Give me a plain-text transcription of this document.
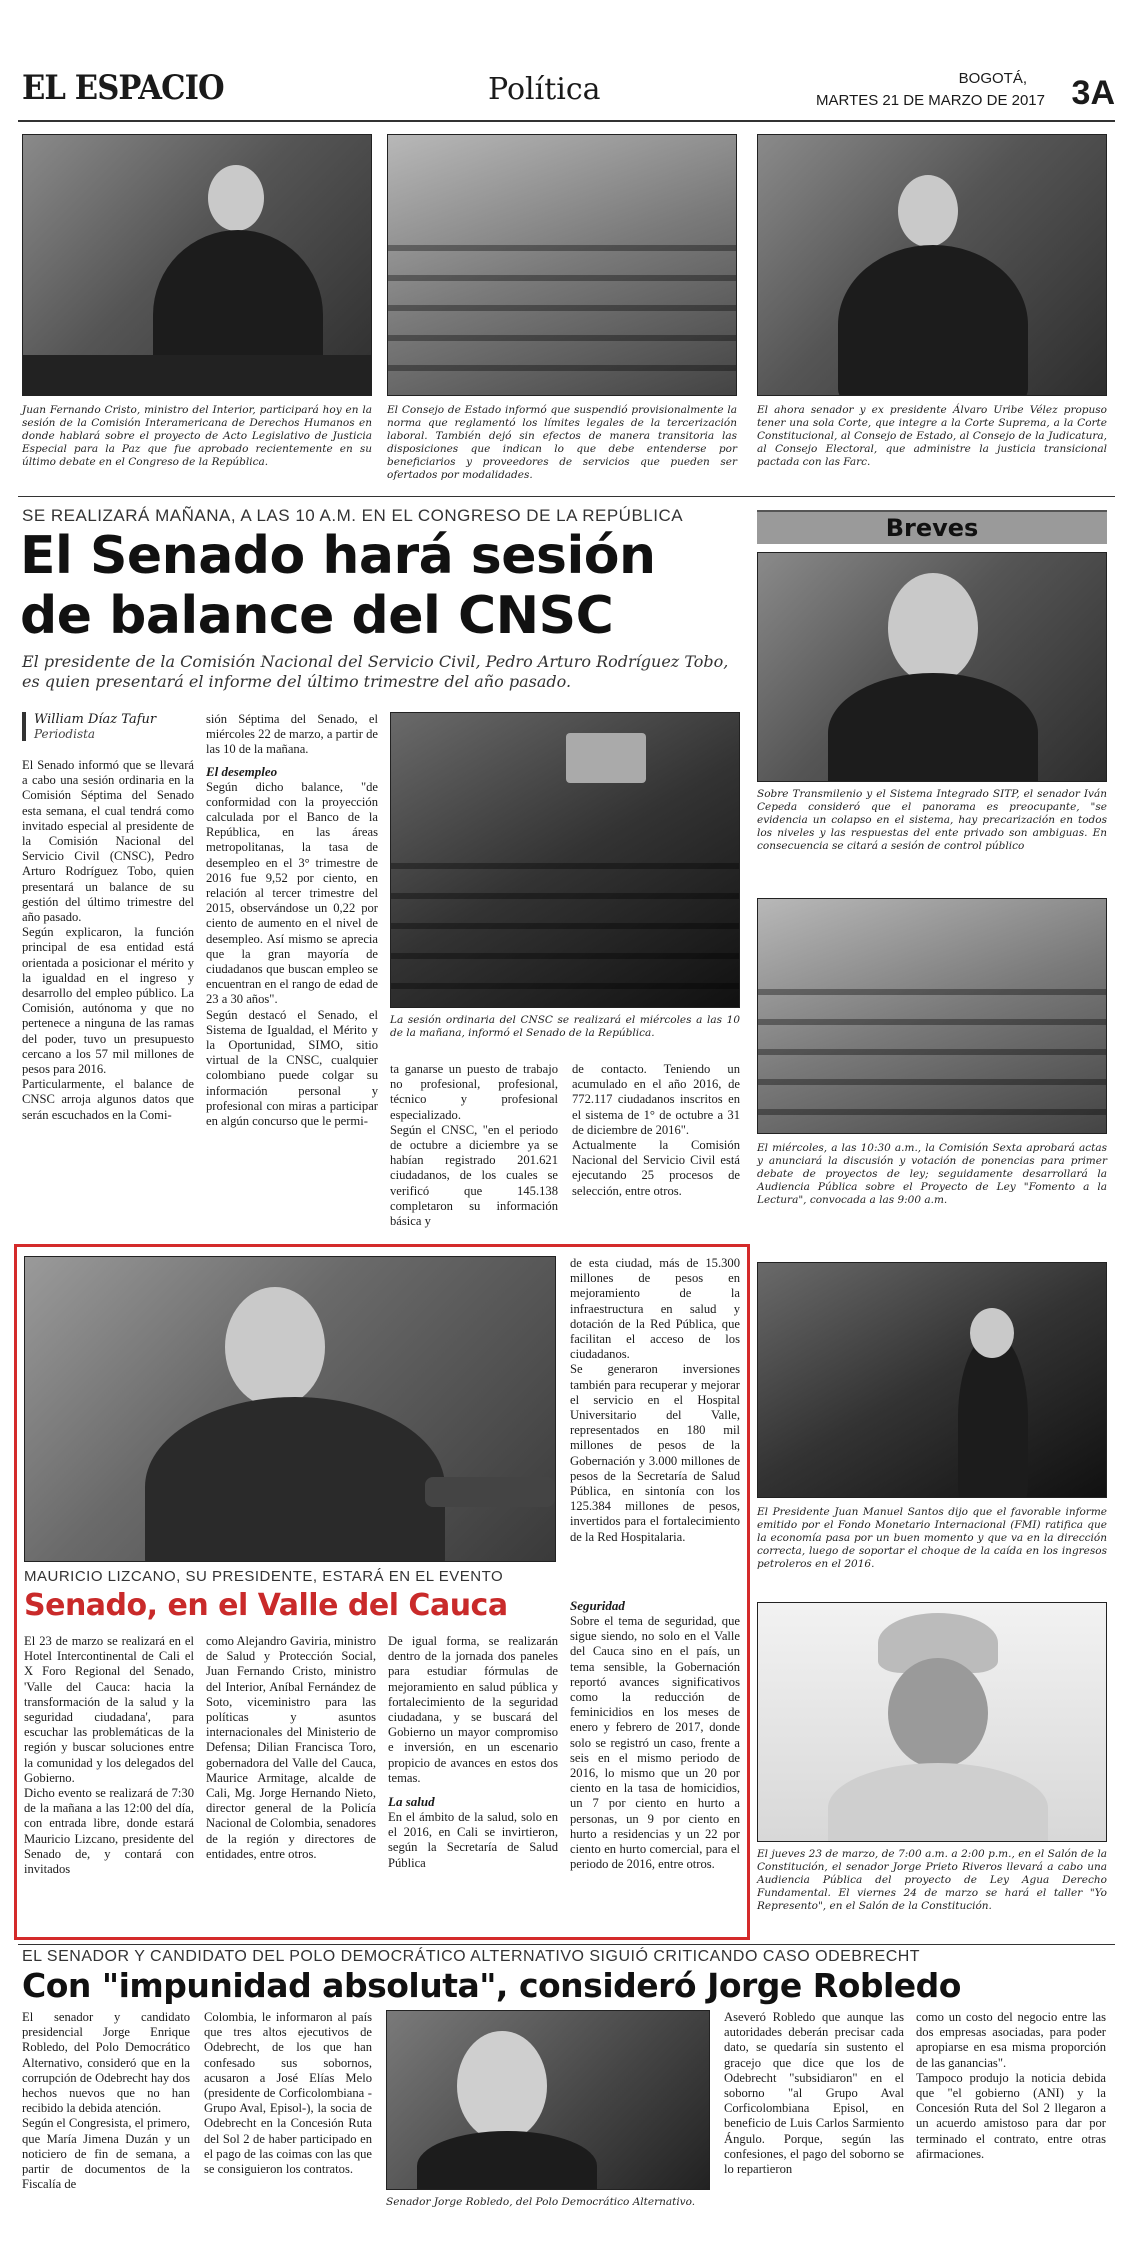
EL ESPACIO	Política	BOGOTÁ,
MARTES 21 DE MARZO DE 2017 3A
Juan Fernando Cristo, ministro del Interior, participará hoy en la sesión de la Comisión Interamericana de Derechos Humanos en donde hablará sobre el proyecto de Acto Legislativo de Justicia Especial para la Paz que fue aprobado recientemente en su último debate en el Congreso de la República.
El Consejo de Estado informó que suspendió provisionalmente la norma que reglamentó los límites legales de la tercerización laboral. También dejó sin efectos de manera transitoria las disposiciones que indican lo que debe entenderse por beneficiarios y proveedores de servicios que pueden ser ofertados por modalidades.
El ahora senador y ex presidente Álvaro Uribe Vélez propuso tener una sola Corte, que integre a la Corte Suprema, a la Corte Constitucional, al Consejo de Estado, al Consejo de la Judicatura, al Consejo Electoral, que administre la justicia transicional pactada con las Farc.
SE REALIZARÁ MAÑANA, A LAS 10 A.M. EN EL CONGRESO DE LA REPÚBLICA
El Senado hará sesión
de balance del CNSC
El presidente de la Comisión Nacional del Servicio Civil, Pedro Arturo Rodríguez Tobo, es quien presentará el informe del último trimestre del año pasado.
William Díaz Tafur
Periodista
El Senado informó que se llevará a cabo una sesión ordinaria en la Comisión Séptima del Senado esta semana, el cual tendrá como invitado especial al presidente de la Comisión Nacional del Servicio Civil (CNSC), Pedro Arturo Rodríguez Tobo, quien presentará un balance de su gestión del último trimestre del año pasado.
Según explicaron, la función principal de esa entidad está orientada a posicionar el mérito y la igualdad en el ingreso y desarrollo del empleo público. La Comisión, autónoma y que no pertenece a ninguna de las ramas del poder, tuvo un presupuesto cercano a los 57 mil millones de pesos para 2016.
Particularmente, el balance de CNSC arroja algunos datos que serán escuchados en la Comi-
sión Séptima del Senado, el miércoles 22 de marzo, a partir de las 10 de la mañana.
El desempleo
Según dicho balance, "de conformidad con la proyección calculada por el Banco de la República, en las áreas metropolitanas, la tasa de desempleo en el 3° trimestre de 2016 fue 9,52 por ciento, en relación al tercer trimestre del 2015, observándose un 0,22 por ciento de aumento en el nivel de desempleo. Así mismo se aprecia que la gran mayoría de ciudadanos que buscan empleo se encuentran en el rango de edad de 23 a 30 años".
Según destacó el Senado, el Sistema de Igualdad, el Mérito y la Oportunidad, SIMO, sitio virtual de la CNSC, cualquier colombiano puede colgar su información personal y profesional con miras a participar en algún concurso que le permi-
La sesión ordinaria del CNSC se realizará el miércoles a las 10 de la mañana, informó el Senado de la República.
ta ganarse un puesto de trabajo no profesional, profesional, técnico y profesional especializado.
Según el CNSC, "en el periodo de octubre a diciembre ya se habían registrado 201.621 ciudadanos, de los cuales se verificó que 145.138 completaron su información básica y
de contacto. Teniendo un acumulado en el año 2016, de 772.117 ciudadanos inscritos en el sistema de 1° de octubre a 31 de diciembre de 2016".
Actualmente la Comisión Nacional del Servicio Civil está ejecutando 25 procesos de selección, entre otros.
Breves
Sobre Transmilenio y el Sistema Integrado SITP, el senador Iván Cepeda consideró que el panorama es preocupante, "se evidencia un colapso en el sistema, hay precarización en todos los niveles y las respuestas del ente privado son ambiguas. En consecuencia se citará a sesión de control público
El miércoles, a las 10:30 a.m., la Comisión Sexta aprobará actas y anunciará la discusión y votación de ponencias para primer debate de proyectos de ley; seguidamente desarrollará la Audiencia Pública sobre el Proyecto de Ley "Fomento a la Lectura", convocada a las 9:00 a.m.
El Presidente Juan Manuel Santos dijo que el favorable informe emitido por el Fondo Monetario Internacional (FMI) ratifica que la economía pasa por un buen momento y que va en la dirección correcta, luego de soportar el choque de la caída en los ingresos petroleros en el 2016.
El jueves 23 de marzo, de 7:00 a.m. a 2:00 p.m., en el Salón de la Constitución, el senador Jorge Prieto Riveros llevará a cabo una Audiencia Pública del proyecto de Ley Agua Derecho Fundamental. El viernes 24 de marzo se hará el taller "Yo Represento", en el Salón de la Constitución.
MAURICIO LIZCANO, SU PRESIDENTE, ESTARÁ EN EL EVENTO
Senado, en el Valle del Cauca
de esta ciudad, más de 15.300 millones de pesos en mejoramiento de la infraestructura en salud y dotación de la Red Pública, que facilitan el acceso de los ciudadanos.
Se generaron inversiones también para recuperar y mejorar el servicio en el Hospital Universitario del Valle, representados en 180 mil millones de pesos de la Gobernación y 3.000 millones de pesos de la Secretaría de Salud Pública, en sintonía con los 125.384 millones de pesos, invertidos para el fortalecimiento de la Red Hospitalaria.
Seguridad
Sobre el tema de seguridad, que sigue siendo, no solo en el Valle del Cauca sino en el país, un tema sensible, la Gobernación reportó avances significativos como la reducción de feminicidios en los meses de enero y febrero de 2017, donde solo se registró un caso, frente a seis en el mismo periodo de 2016, lo mismo que un 20 por ciento en la tasa de homicidios, un 7 por ciento en hurto a personas, un 9 por ciento en hurto a residencias y un 22 por ciento en hurto comercial, para el periodo de 2016, entre otros.
El 23 de marzo se realizará en el Hotel Intercontinental de Cali el X Foro Regional del Senado, 'Valle del Cauca: hacia la transformación de la salud y la seguridad ciudadana', para escuchar las problemáticas de la región y buscar soluciones entre la comunidad y los delegados del Gobierno.
Dicho evento se realizará de 7:30 de la mañana a las 12:00 del día, con entrada libre, donde estará Mauricio Lizcano, presidente del Senado de, y contará con invitados
como Alejandro Gaviria, ministro de Salud y Protección Social, Juan Fernando Cristo, ministro del Interior, Aníbal Fernández de Soto, viceministro para las políticas y asuntos internacionales del Ministerio de Defensa; Dilian Francisca Toro, gobernadora del Valle del Cauca, Maurice Armitage, alcalde de Cali, Mg. Jorge Hernando Nieto, director general de la Policía Nacional de Colombia, senadores de la región y directores de entidades, entre otros.
De igual forma, se realizarán dentro de la jornada dos paneles para estudiar fórmulas de mejoramiento en salud pública y fortalecimiento de la seguridad ciudadana, y se buscará del Gobierno un mayor compromiso e inversión, en un escenario propicio de avances en estos dos temas.
La salud
En el ámbito de la salud, solo en el 2016, en Cali se invirtieron, según la Secretaría de Salud Pública
EL SENADOR Y CANDIDATO DEL POLO DEMOCRÁTICO ALTERNATIVO SIGUIÓ CRITICANDO CASO ODEBRECHT
Con "impunidad absoluta", consideró Jorge Robledo
El senador y candidato presidencial Jorge Enrique Robledo, del Polo Democrático Alternativo, consideró que en la corrupción de Odebrecht hay dos hechos nuevos que no han recibido la debida atención.
Según el Congresista, el primero, que María Jimena Duzán y un noticiero de fin de semana, a partir de documentos de la Fiscalía de
Colombia, le informaron al país que tres altos ejecutivos de Odebrecht, de los que han confesado sus sobornos, acusaron a José Elías Melo (presidente de Corficolombiana -Grupo Aval, Episol-), la socia de Odebrecht en la Concesión Ruta del Sol 2 de haber participado en el pago de las coimas con las que se consiguieron los contratos.
Senador Jorge Robledo, del Polo Democrático Alternativo.
Aseveró Robledo que aunque las autoridades deberán precisar cada dato, se quedaría sin sustento el gracejo que dice que los de Odebrecht "subsidiaron" en el soborno "al Grupo Aval Corficolombiana Episol, en beneficio de Luis Carlos Sarmiento Ángulo. Porque, según las confesiones, el pago del soborno se lo repartieron
como un costo del negocio entre las dos empresas asociadas, para poder apropiarse en esa misma proporción de las ganancias".
Tampoco produjo la noticia debida que "el gobierno (ANI) y la Concesión Ruta del Sol 2 llegaron a un acuerdo amistoso para dar por terminado el contrato, entre otras afirmaciones.
